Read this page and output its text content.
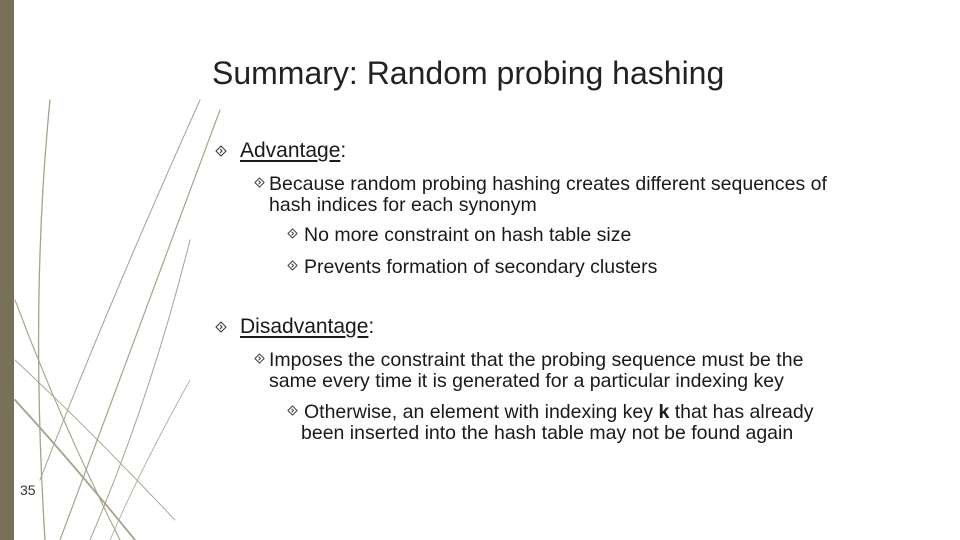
Summary: Random probing hashing
Advantage:
Because random probing hashing creates different sequences of
hash indices for each synonym
No more constraint on hash table size
Prevents formation of secondary clusters
Disadvantage:
Imposes the constraint that the probing sequence must be the
same every time it is generated for a particular indexing key
Otherwise, an element with indexing key k that has already
been inserted into the hash table may not be found again
35
